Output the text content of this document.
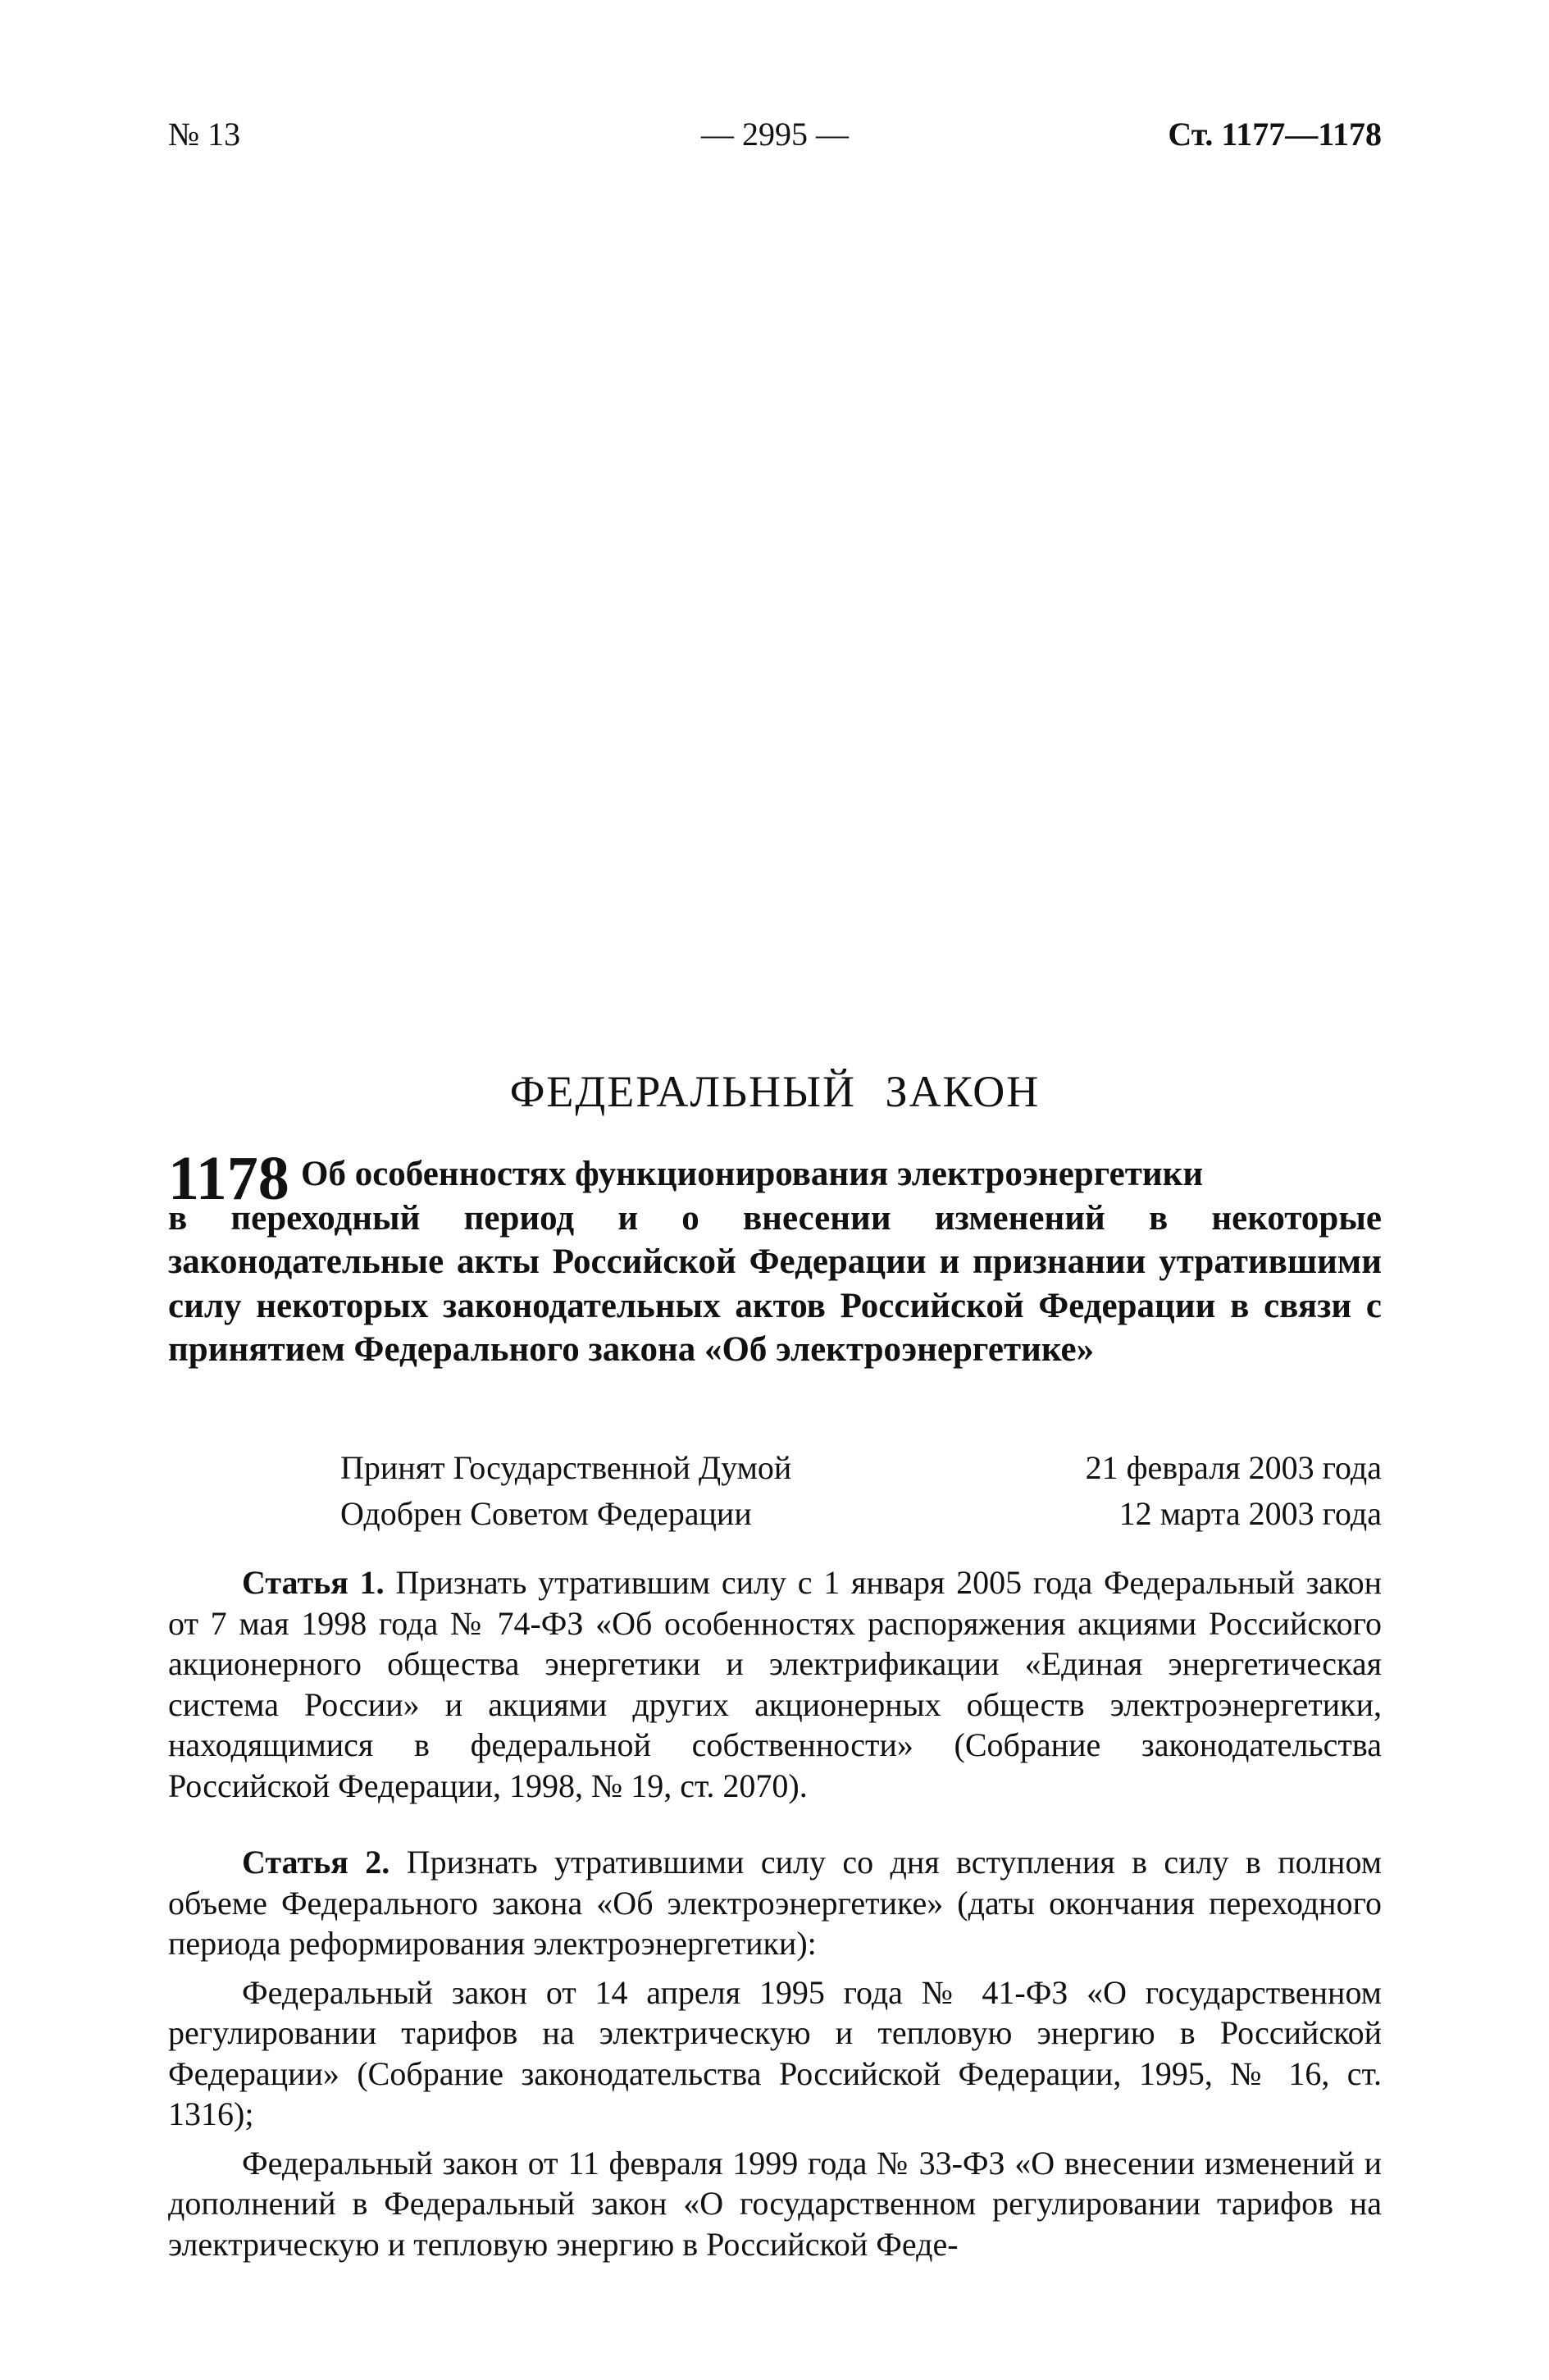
№ 13	— 2995 —	Ст. 1177—1178
ФЕДЕРАЛЬНЫЙ ЗАКОН
1178 Об особенностях функционирования электроэнергетики
в переходный период и о внесении изменений в некоторые законодательные акты Российской Федерации и признании утратившими силу некоторых законодательных актов Российской Федерации в связи с принятием Федерального закона «Об электроэнергетике»

Принят Государственной Думой	21 февраля 2003 года
Одобрен Советом Федерации	12 марта 2003 года

Статья 1. Признать утратившим силу с 1 января 2005 года Федеральный закон от 7 мая 1998 года № 74-ФЗ «Об особенностях распоряжения акциями Российского акционерного общества энергетики и электрификации «Единая энергетическая система России» и акциями других акционерных обществ электроэнергетики, находящимися в федеральной собственности» (Собрание законодательства Российской Федерации, 1998, № 19, ст. 2070).

Статья 2. Признать утратившими силу со дня вступления в силу в полном объеме Федерального закона «Об электроэнергетике» (даты окончания переходного периода реформирования электроэнергетики):

Федеральный закон от 14 апреля 1995 года № 41-ФЗ «О государственном регулировании тарифов на электрическую и тепловую энергию в Российской Федерации» (Собрание законодательства Российской Федерации, 1995, № 16, ст. 1316);

Федеральный закон от 11 февраля 1999 года № 33-ФЗ «О внесении изменений и дополнений в Федеральный закон «О государственном регулировании тарифов на электрическую и тепловую энергию в Российской Феде-
